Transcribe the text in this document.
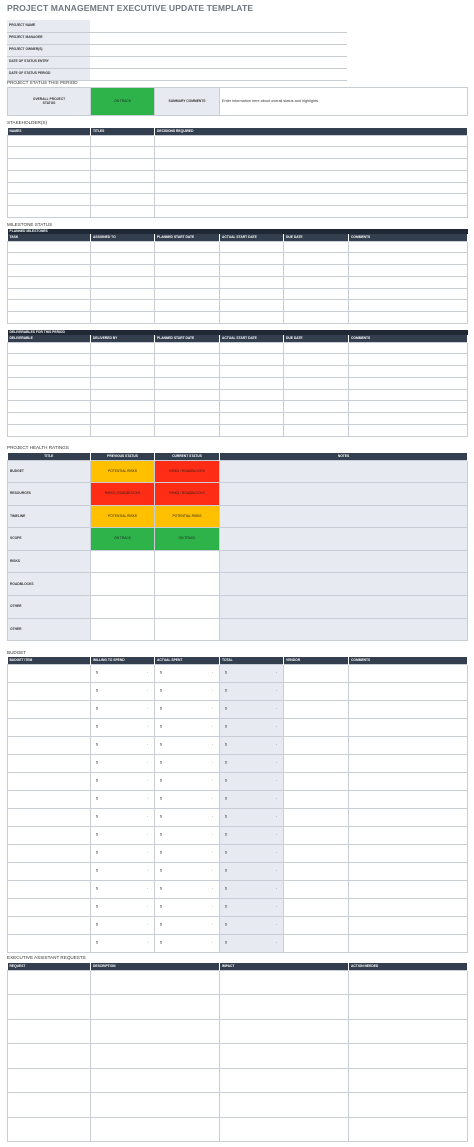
PROJECT MANAGEMENT EXECUTIVE UPDATE TEMPLATE
PROJECT NAME	
PROJECT MANAGER	
PROJECT OWNER(S)	
DATE OF STATUS ENTRY	
DATE OF STATUS PERIOD	
PROJECT STATUS THIS PERIOD
OVERALL PROJECT STATUS	ON TRACK	SUMMARY COMMENTS	Enter information here about overall status and highlights.
STAKEHOLDER(S)
NAMES	TITLES	DECISIONS REQUIRED

MILESTONE STATUS
PLANNED MILESTONES					
TASK	ASSIGNED TO	PLANNED START DATE	ACTUAL START DATE	DUE DATE	COMMENTS

DELIVERABLES FOR THIS PERIOD					
DELIVERABLE	DELIVERED BY	PLANNED START DATE	ACTUAL START DATE	DUE DATE	COMMENTS

PROJECT HEALTH RATINGS
TITLE	PREVIOUS STATUS	CURRENT STATUS	NOTES
BUDGET	POTENTIAL RISKS	RISKS / ROADBLOCKS	
RESOURCES	RISKS / ROADBLOCKS	RISKS / ROADBLOCKS	
TIMELINE	POTENTIAL RISKS	POTENTIAL RISKS	
SCOPE	ON TRACK	ON TRACK	
RISKS			
ROADBLOCKS			
OTHER			
OTHER			
BUDGET
BUDGET ITEM	WILLING TO SPEND	ACTUAL SPENT	TOTAL	VENDOR	COMMENTS

	$ -	$ -	$ -		

	$ -	$ -	$ -		

	$ -	$ -	$ -		

	$ -	$ -	$ -		

	$ -	$ -	$ -		

	$ -	$ -	$ -		

	$ -	$ -	$ -		

	$ -	$ -	$ -		

	$ -	$ -	$ -		

	$ -	$ -	$ -		

	$ -	$ -	$ -		

	$ -	$ -	$ -		

	$ -	$ -	$ -		

	$ -	$ -	$ -		

	$ -	$ -	$ -		

	$ -	$ -	$ -		

EXECUTIVE ASSISTANT REQUESTS
REQUEST	DESCRIPTION	IMPACT	ACTION NEEDED
